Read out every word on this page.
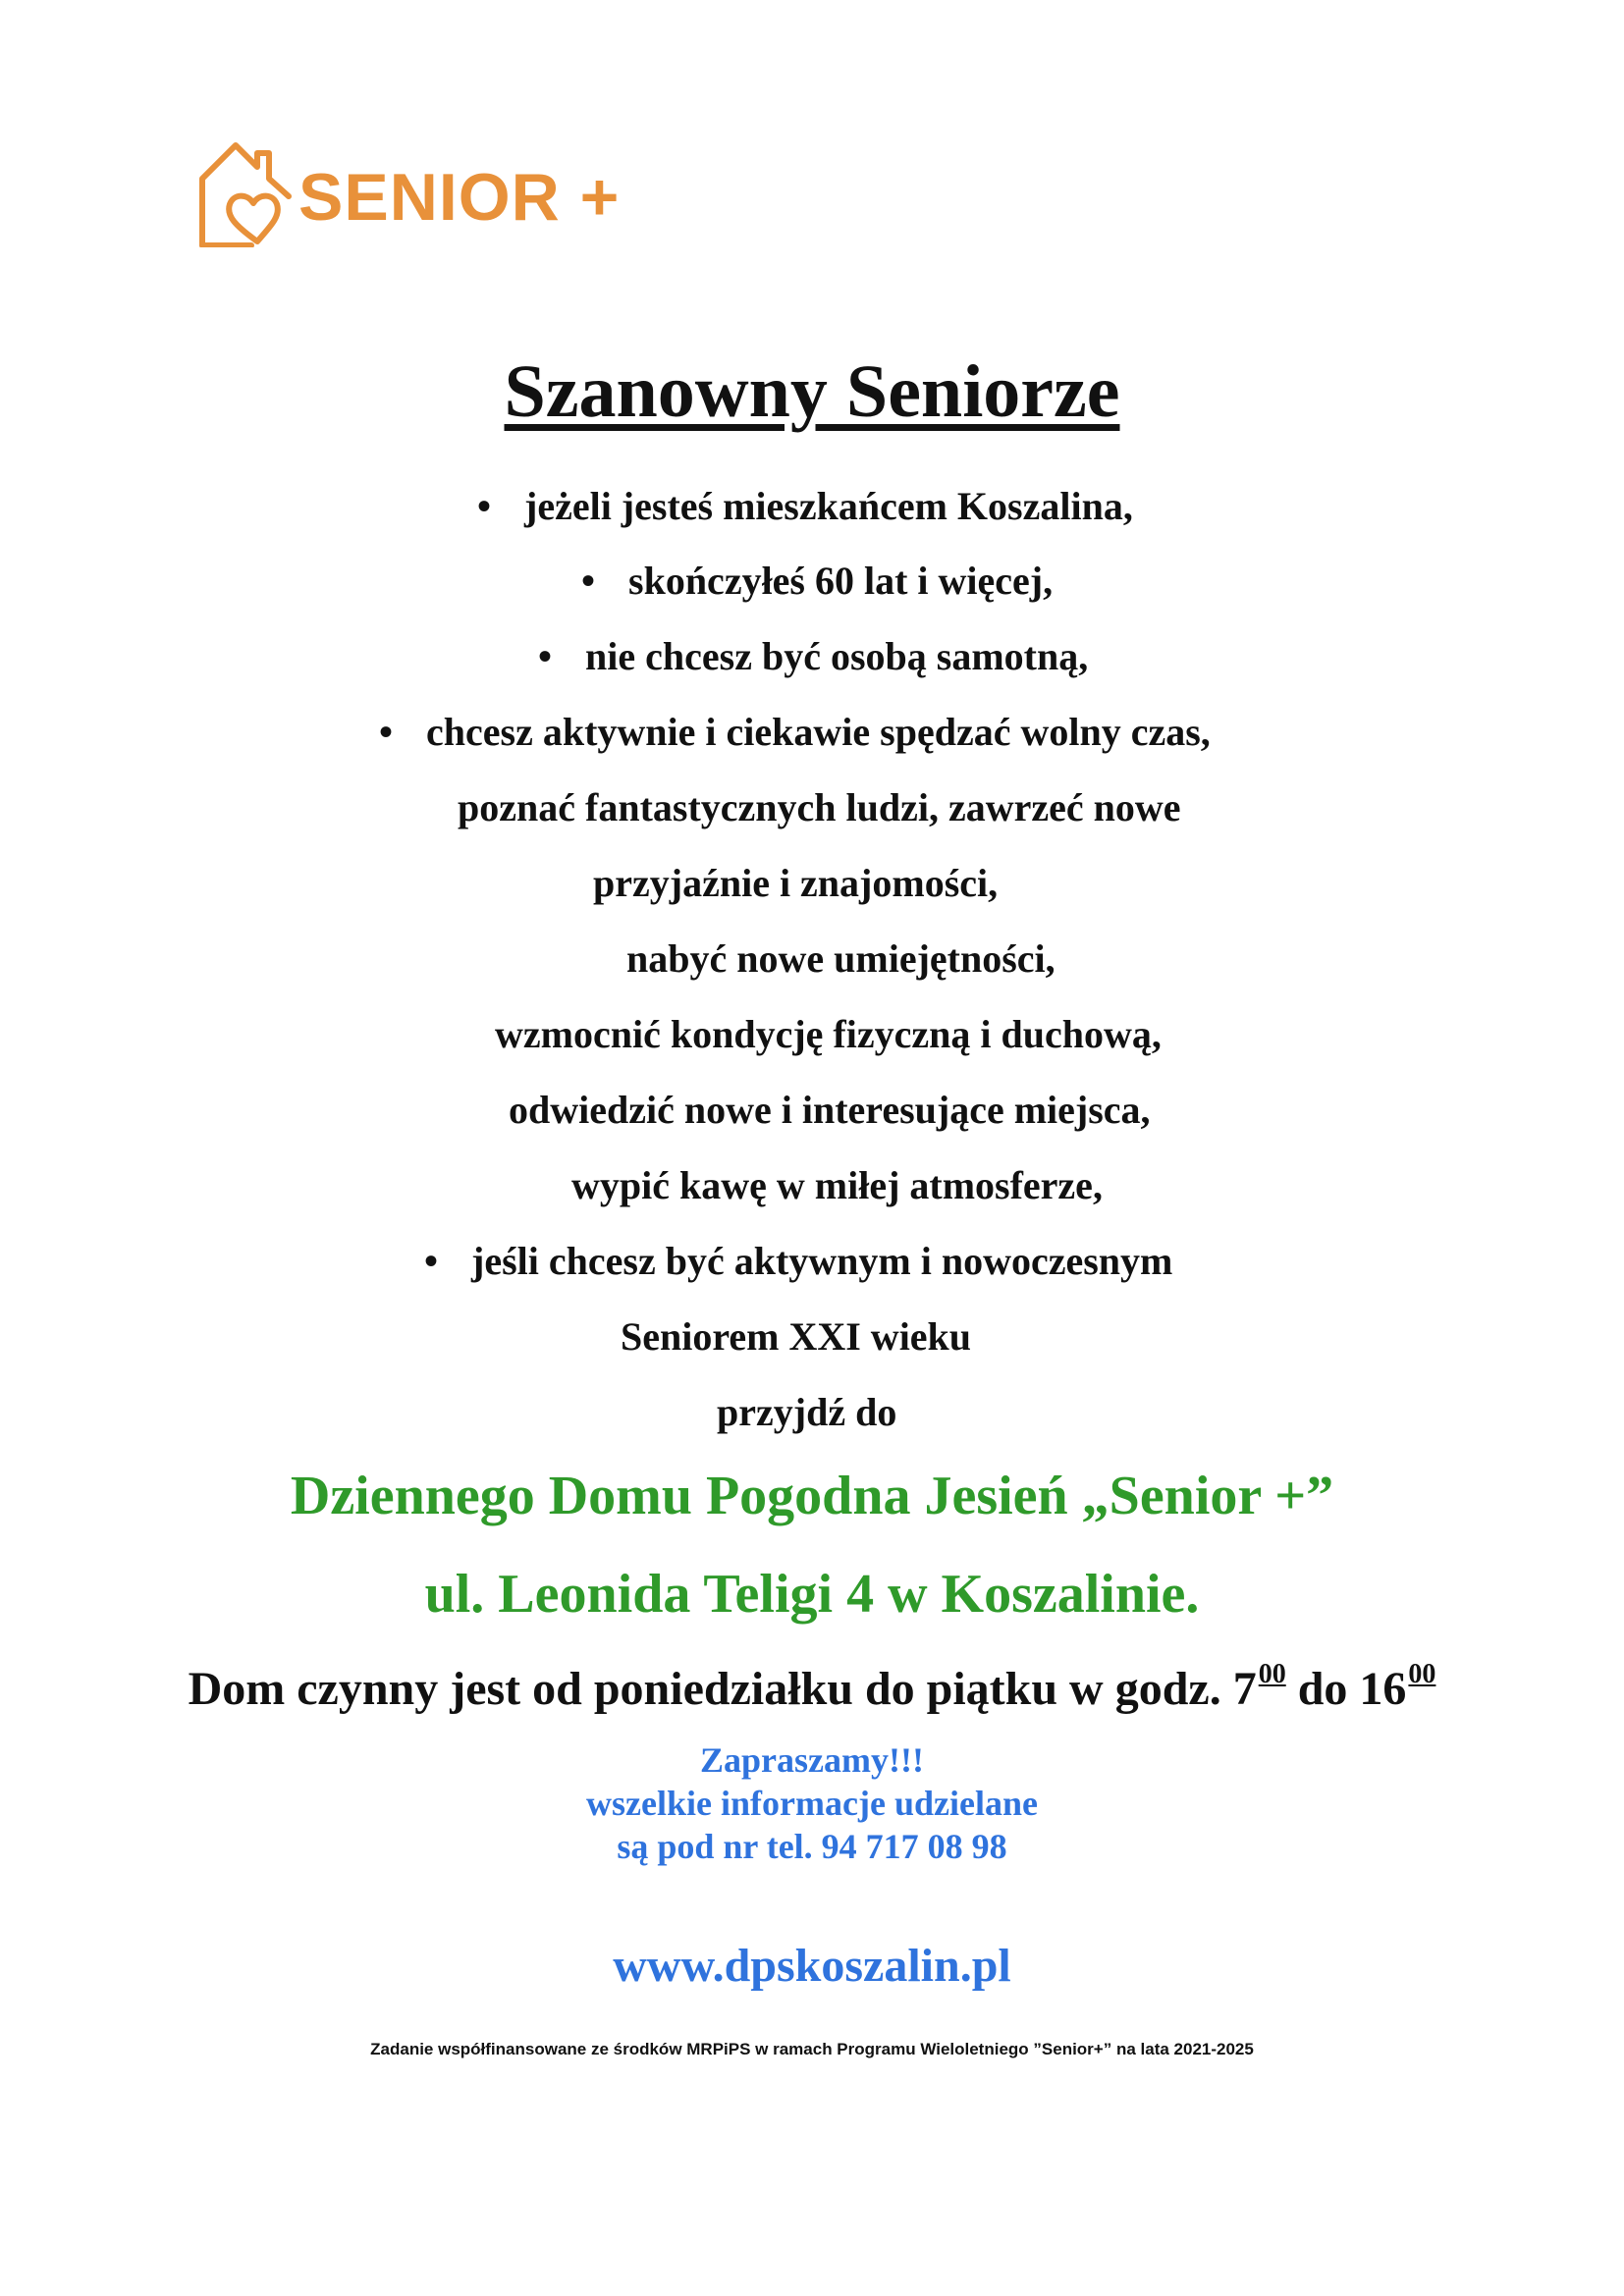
SENIOR +
Szanowny Seniorze
• jeżeli jesteś mieszkańcem Koszalina,
• skończyłeś 60 lat i więcej,
• nie chcesz być osobą samotną,
• chcesz aktywnie i ciekawie spędzać wolny czas,
poznać fantastycznych ludzi, zawrzeć nowe
przyjaźnie i znajomości,
nabyć nowe umiejętności,
wzmocnić kondycję fizyczną i duchową,
odwiedzić nowe i interesujące miejsca,
wypić kawę w miłej atmosferze,
• jeśli chcesz być aktywnym i nowoczesnym
Seniorem XXI wieku
przyjdź do
Dziennego Domu Pogodna Jesień „Senior +”
ul. Leonida Teligi 4 w Koszalinie.
Dom czynny jest od poniedziałku do piątku w godz. $7^{00}$ do $16^{00}$
Zapraszamy!!!
wszelkie informacje udzielane
są pod nr tel. 94 717 08 98
www.dpskoszalin.pl
Zadanie współfinansowane ze środków MRPiPS w ramach Programu Wieloletniego ”Senior+” na lata 2021-2025
